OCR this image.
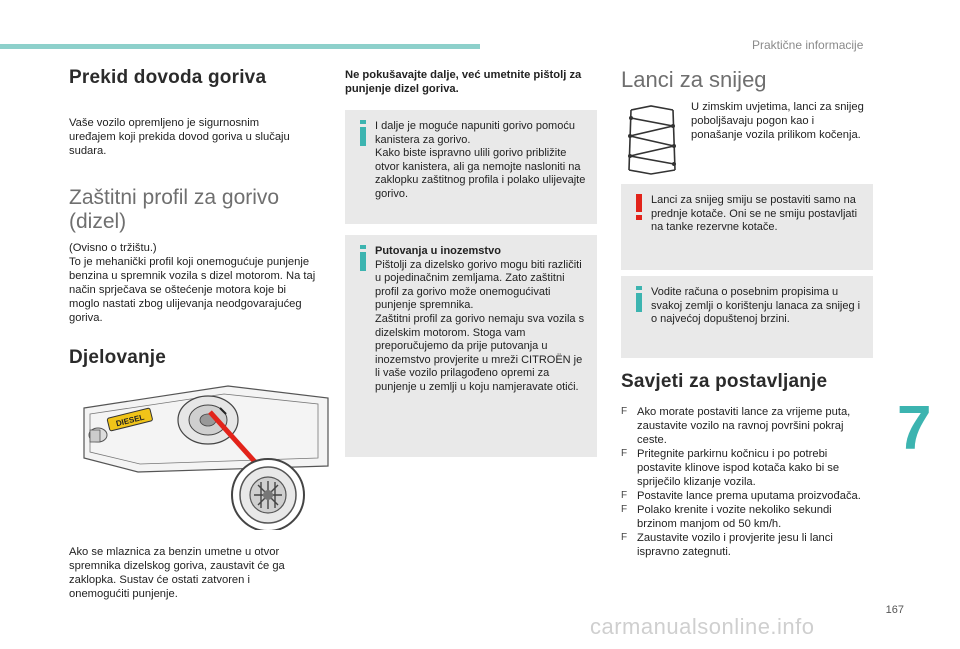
Praktične informacije
7
167
carmanualsonline.info
Prekid dovoda goriva
Vaše vozilo opremljeno je sigurnosnim uređajem koji prekida dovod goriva u slučaju sudara.
Zaštitni profil za gorivo
(dizel)

(Ovisno o tržištu.)

To je mehanički profil koji onemogućuje punjenje benzina u spremnik vozila s dizel motorom. Na taj način sprječava se oštećenje motora koje bi moglo nastati zbog ulijevanja neodgovarajućeg goriva.

Djelovanje
DIESEL
Ako se mlaznica za benzin umetne u otvor spremnika dizelskog goriva, zaustavit će ga zaklopka. Sustav će ostati zatvoren i onemogućiti punjenje.
Ne pokušavajte dalje, već umetnite pištolj za punjenje dizel goriva.
I dalje je moguće napuniti gorivo pomoću kanistera za gorivo.
Kako biste ispravno ulili gorivo približite otvor kanistera, ali ga nemojte nasloniti na zaklopku zaštitnog profila i polako ulijevajte gorivo.

Putovanja u inozemstvo

Pištolji za dizelsko gorivo mogu biti različiti u pojedinačnim zemljama. Zato zaštitni profil za gorivo može onemogućivati punjenje spremnika.
Zaštitni profil za gorivo nemaju sva vozila s dizelskim motorom. Stoga vam preporučujemo da prije putovanja u inozemstvo provjerite u mreži CITROËN je li vaše vozilo prilagođeno opremi za punjenje u zemlji u koju namjeravate otići.

Lanci za snijeg
U zimskim uvjetima, lanci za snijeg poboljšavaju pogon kao i ponašanje vozila prilikom kočenja.
Lanci za snijeg smiju se postaviti samo na prednje kotače. Oni se ne smiju postavljati na tanke rezervne kotače.
Vodite računa o posebnim propisima u svakoj zemlji o korištenju lanaca za snijeg i o najvećoj dopuštenoj brzini.
Savjeti za postavljanje
F Ako morate postaviti lance za vrijeme puta, zaustavite vozilo na ravnoj površini pokraj ceste.
F Pritegnite parkirnu kočnicu i po potrebi postavite klinove ispod kotača kako bi se spriječilo klizanje vozila.
F Postavite lance prema uputama proizvođača.
F Polako krenite i vozite nekoliko sekundi brzinom manjom od 50 km/h.
F Zaustavite vozilo i provjerite jesu li lanci ispravno zategnuti.
